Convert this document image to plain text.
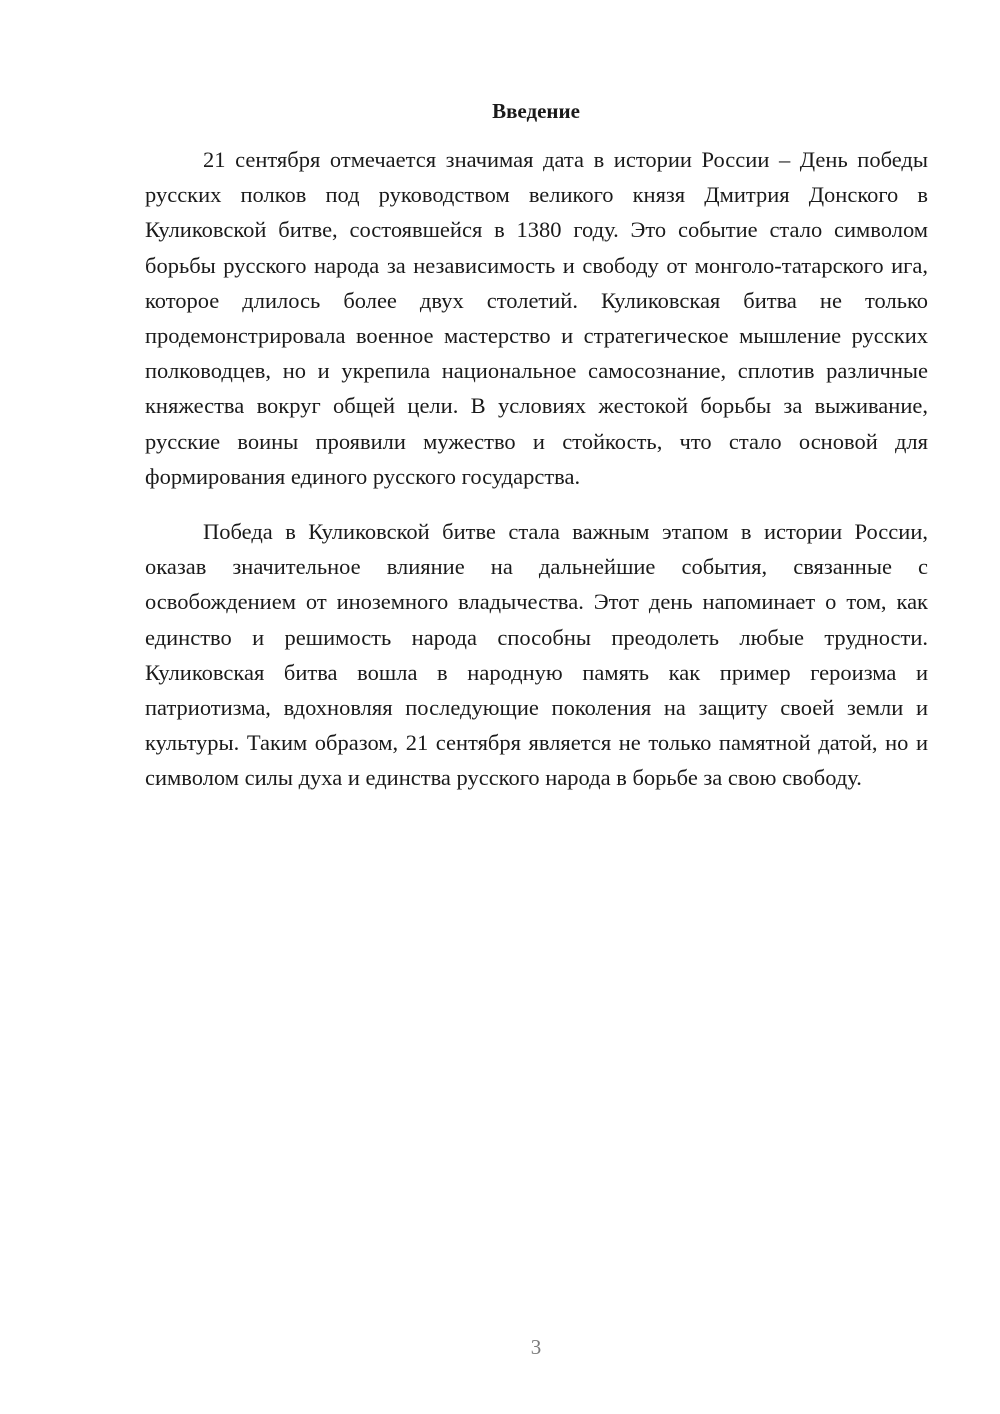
Введение

21 сентября отмечается значимая дата в истории России – День победы русских полков под руководством великого князя Дмитрия Донского в Куликовской битве, состоявшейся в 1380 году. Это событие стало символом борьбы русского народа за независимость и свободу от монголо-татарского ига, которое длилось более двух столетий. Куликовская битва не только продемонстрировала военное мастерство и стратегическое мышление русских полководцев, но и укрепила национальное самосознание, сплотив различные княжества вокруг общей цели. В условиях жестокой борьбы за выживание, русские воины проявили мужество и стойкость, что стало основой для формирования единого русского государства.

Победа в Куликовской битве стала важным этапом в истории России, оказав значительное влияние на дальнейшие события, связанные с освобождением от иноземного владычества. Этот день напоминает о том, как единство и решимость народа способны преодолеть любые трудности. Куликовская битва вошла в народную память как пример героизма и патриотизма, вдохновляя последующие поколения на защиту своей земли и культуры. Таким образом, 21 сентября является не только памятной датой, но и символом силы духа и единства русского народа в борьбе за свою свободу.

3
